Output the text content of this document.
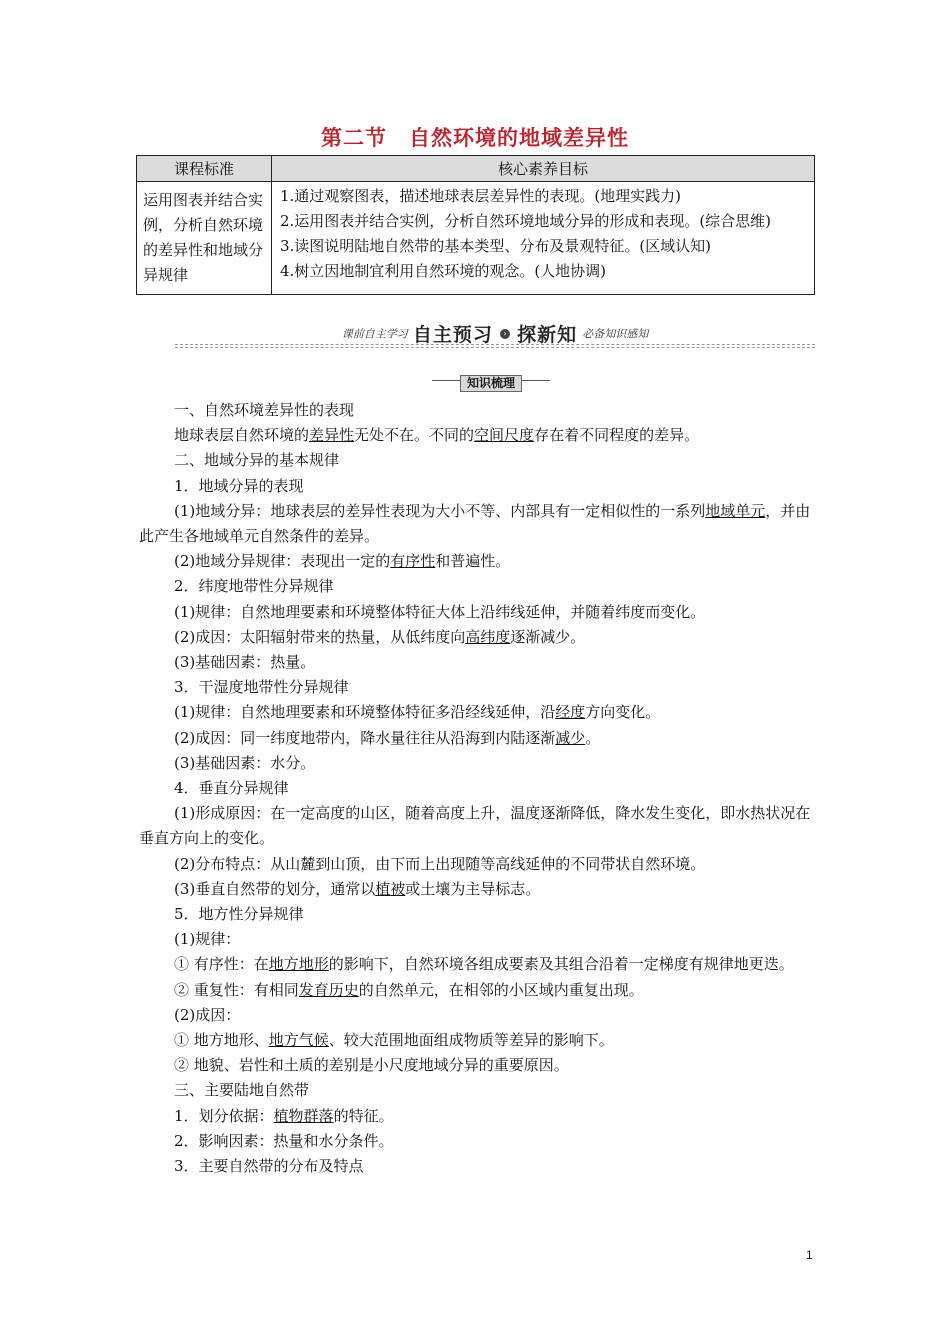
第二节　自然环境的地域差异性
课程标准	核心素养目标
运用图表并结合实例，分析自然环境的差异性和地域分异规律	1.通过观察图表，描述地球表层差异性的表现。(地理实践力)
2.运用图表并结合实例，分析自然环境地域分异的形成和表现。(综合思维)
3.读图说明陆地自然带的基本类型、分布及景观特征。(区域认知)
4.树立因地制宜利用自然环境的观念。(人地协调)
课前自主学习 自主预习 › 探新知 必备知识感知
知识梳理

一、自然环境差异性的表现

地球表层自然环境的差异性无处不在。不同的空间尺度存在着不同程度的差异。

二、地域分异的基本规律

1．地域分异的表现

(1)地域分异：地球表层的差异性表现为大小不等、内部具有一定相似性的一系列地域单元，并由此产生各地域单元自然条件的差异。

(2)地域分异规律：表现出一定的有序性和普遍性。

2．纬度地带性分异规律

(1)规律：自然地理要素和环境整体特征大体上沿纬线延伸，并随着纬度而变化。

(2)成因：太阳辐射带来的热量，从低纬度向高纬度逐渐减少。

(3)基础因素：热量。

3．干湿度地带性分异规律

(1)规律：自然地理要素和环境整体特征多沿经线延伸，沿经度方向变化。

(2)成因：同一纬度地带内，降水量往往从沿海到内陆逐渐减少。

(3)基础因素：水分。

4．垂直分异规律

(1)形成原因：在一定高度的山区，随着高度上升，温度逐渐降低，降水发生变化，即水热状况在垂直方向上的变化。

(2)分布特点：从山麓到山顶，由下而上出现随等高线延伸的不同带状自然环境。

(3)垂直自然带的划分，通常以植被或土壤为主导标志。

5．地方性分异规律

(1)规律：

① 有序性：在地方地形的影响下，自然环境各组成要素及其组合沿着一定梯度有规律地更迭。

② 重复性：有相同发育历史的自然单元，在相邻的小区域内重复出现。

(2)成因：

① 地方地形、地方气候、较大范围地面组成物质等差异的影响下。

② 地貌、岩性和土质的差别是小尺度地域分异的重要原因。

三、主要陆地自然带

1．划分依据：植物群落的特征。

2．影响因素：热量和水分条件。

3．主要自然带的分布及特点

1
